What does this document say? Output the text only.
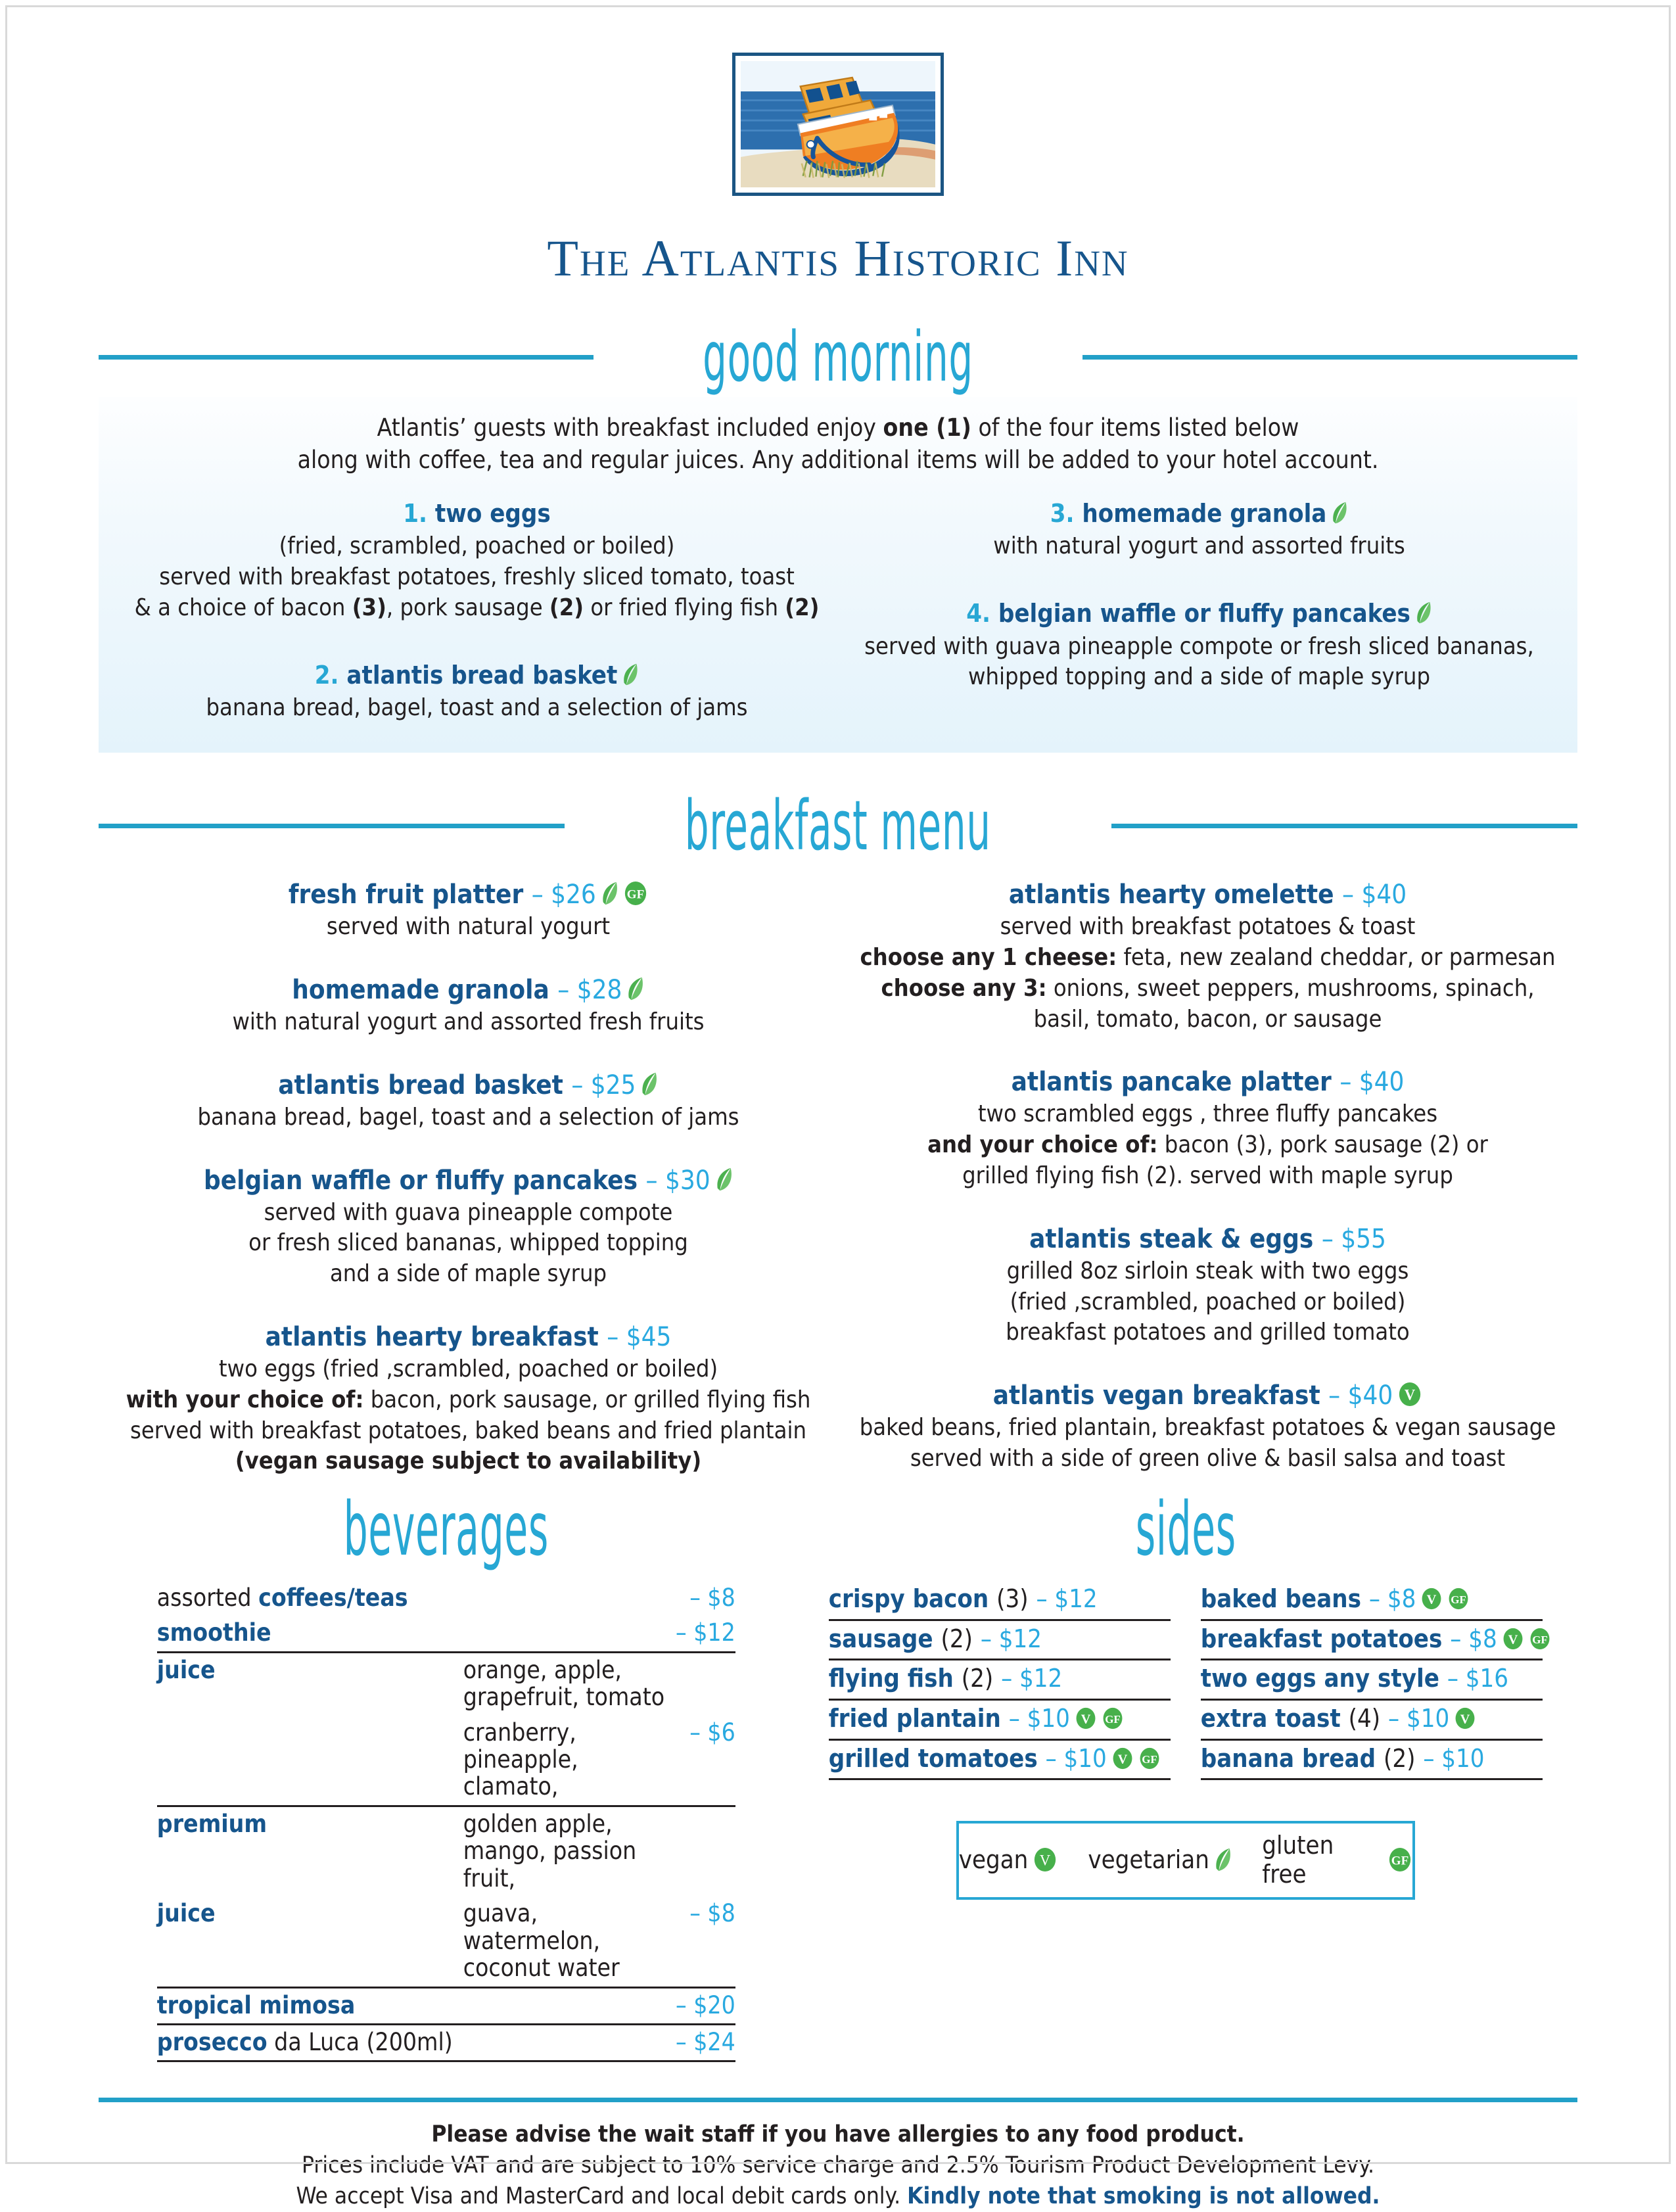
The Atlantis Historic Inn
good morning
Atlantis’ guests with breakfast included enjoy one (1) of the four items listed below
along with coffee, tea and regular juices. Any additional items will be added to your hotel account.
1. two eggs
(fried, scrambled, poached or boiled)
served with breakfast potatoes, freshly sliced tomato, toast
& a choice of bacon (3), pork sausage (2) or fried flying fish (2)
2. atlantis bread basket
banana bread, bagel, toast and a selection of jams
3. homemade granola
with natural yogurt and assorted fruits
4. belgian waffle or fluffy pancakes
served with guava pineapple compote or fresh sliced bananas,
whipped topping and a side of maple syrup
breakfast menu
fresh fruit platter – $26 GF
served with natural yogurt
homemade granola – $28
with natural yogurt and assorted fresh fruits
atlantis bread basket – $25
banana bread, bagel, toast and a selection of jams
belgian waffle or fluffy pancakes – $30
served with guava pineapple compote
or fresh sliced bananas, whipped topping
and a side of maple syrup
atlantis hearty breakfast – $45
two eggs (fried ,scrambled, poached or boiled)
with your choice of: bacon, pork sausage, or grilled flying fish
served with breakfast potatoes, baked beans and fried plantain
(vegan sausage subject to availability)
atlantis hearty omelette – $40
served with breakfast potatoes & toast
choose any 1 cheese: feta, new zealand cheddar, or parmesan
choose any 3: onions, sweet peppers, mushrooms, spinach,
basil, tomato, bacon, or sausage
atlantis pancake platter – $40
two scrambled eggs , three fluffy pancakes
and your choice of: bacon (3), pork sausage (2) or
grilled flying fish (2). served with maple syrup
atlantis steak & eggs – $55
grilled 8oz sirloin steak with two eggs
(fried ,scrambled, poached or boiled)
breakfast potatoes and grilled tomato
atlantis vegan breakfast – $40 V
baked beans, fried plantain, breakfast potatoes & vegan sausage
served with a side of green olive & basil salsa and toast
beverages
assorted coffees/teas		– $8
smoothie		– $12
juice	orange, apple, grapefruit, tomato	
	cranberry, pineapple, clamato,	– $6
premium	golden apple, mango, passion fruit,	
juice	guava, watermelon, coconut water	– $8
tropical mimosa		– $20
prosecco da Luca (200ml)		– $24
sides
crispy bacon (3) – $12
sausage (2) – $12
flying fish (2) – $12
fried plantain – $10 V GF
grilled tomatoes – $10 V GF
baked beans – $8 V GF
breakfast potatoes – $8 V GF
two eggs any style – $16
extra toast (4) – $10 V
banana bread (2) – $10
vegan V vegetarian gluten free	GF
Please advise the wait staff if you have allergies to any food product.
Prices include VAT and are subject to 10% service charge and 2.5% Tourism Product Development Levy.
We accept Visa and MasterCard and local debit cards only. Kindly note that smoking is not allowed.
